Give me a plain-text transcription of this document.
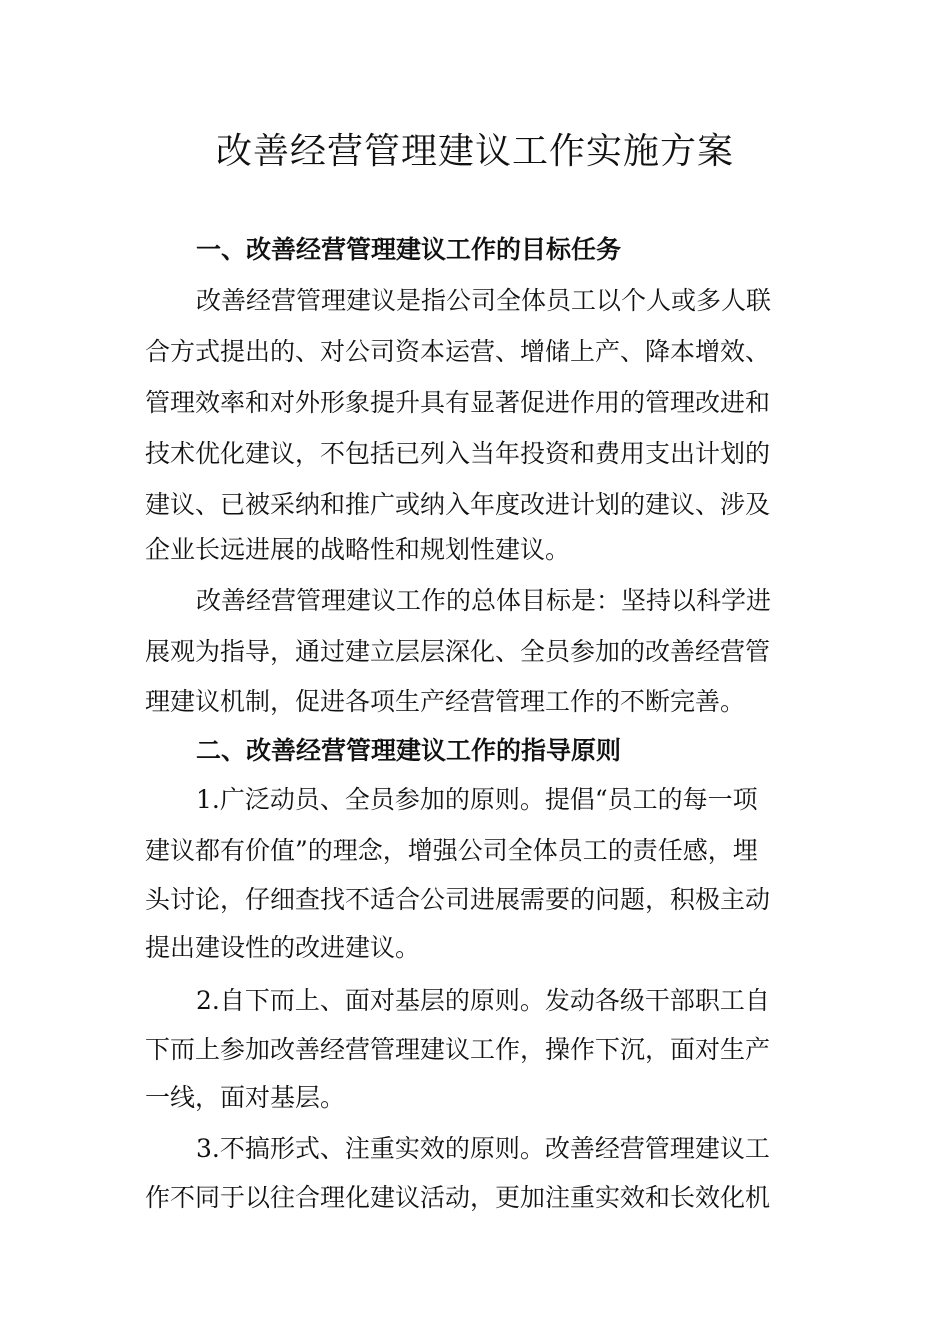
改善经营管理建议工作实施方案

一、改善经营管理建议工作的目标任务

改善经营管理建议是指公司全体员工以个人或多人联

合方式提出的、对公司资本运营、增储上产、降本增效、

管理效率和对外形象提升具有显著促进作用的管理改进和

技术优化建议，不包括已列入当年投资和费用支出计划的

建议、已被采纳和推广或纳入年度改进计划的建议、涉及

企业长远进展的战略性和规划性建议。

改善经营管理建议工作的总体目标是：坚持以科学进

展观为指导，通过建立层层深化、全员参加的改善经营管

理建议机制，促进各项生产经营管理工作的不断完善。

二、改善经营管理建议工作的指导原则

1.广泛动员、全员参加的原则。提倡“员工的每一项

建议都有价值”的理念，增强公司全体员工的责任感，埋

头讨论，仔细查找不适合公司进展需要的问题，积极主动

提出建设性的改进建议。

2.自下而上、面对基层的原则。发动各级干部职工自

下而上参加改善经营管理建议工作，操作下沉，面对生产

一线，面对基层。

3.不搞形式、注重实效的原则。改善经营管理建议工

作不同于以往合理化建议活动，更加注重实效和长效化机
